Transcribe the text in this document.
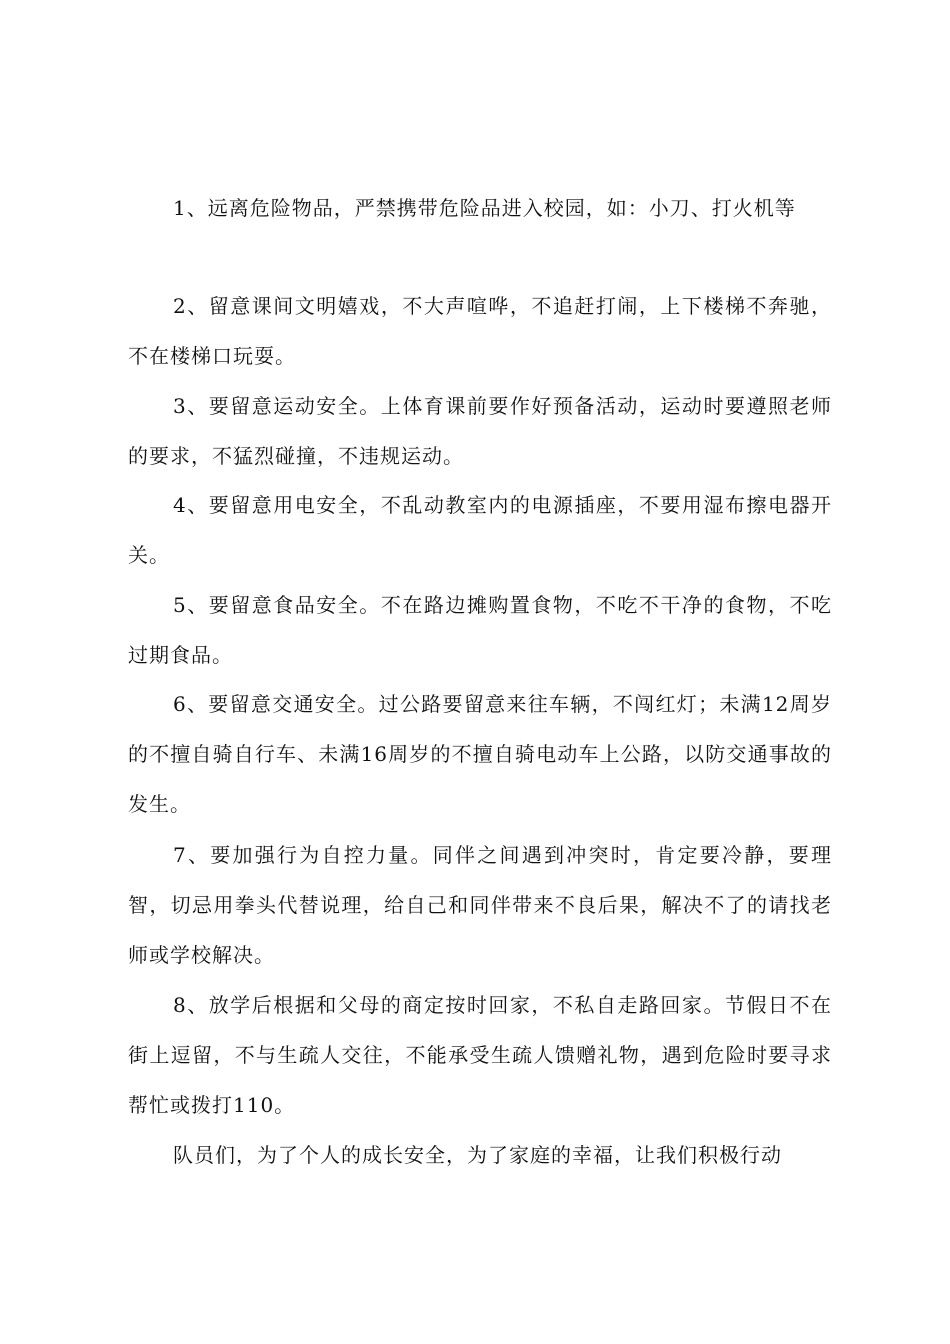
1、远离危险物品，严禁携带危险品进入校园，如：小刀、打火机等

2、留意课间文明嬉戏，不大声喧哗，不追赶打闹，上下楼梯不奔驰，不在楼梯口玩耍。

3、要留意运动安全。上体育课前要作好预备活动，运动时要遵照老师的要求，不猛烈碰撞，不违规运动。

4、要留意用电安全，不乱动教室内的电源插座，不要用湿布擦电器开关。

5、要留意食品安全。不在路边摊购置食物，不吃不干净的食物，不吃过期食品。

6、要留意交通安全。过公路要留意来往车辆，不闯红灯；未满12周岁的不擅自骑自行车、未满16周岁的不擅自骑电动车上公路，以防交通事故的发生。

7、要加强行为自控力量。同伴之间遇到冲突时，肯定要冷静，要理智，切忌用拳头代替说理，给自己和同伴带来不良后果，解决不了的请找老师或学校解决。

8、放学后根据和父母的商定按时回家，不私自走路回家。节假日不在街上逗留，不与生疏人交往，不能承受生疏人馈赠礼物，遇到危险时要寻求帮忙或拨打110。

队员们，为了个人的成长安全，为了家庭的幸福，让我们积极行动
